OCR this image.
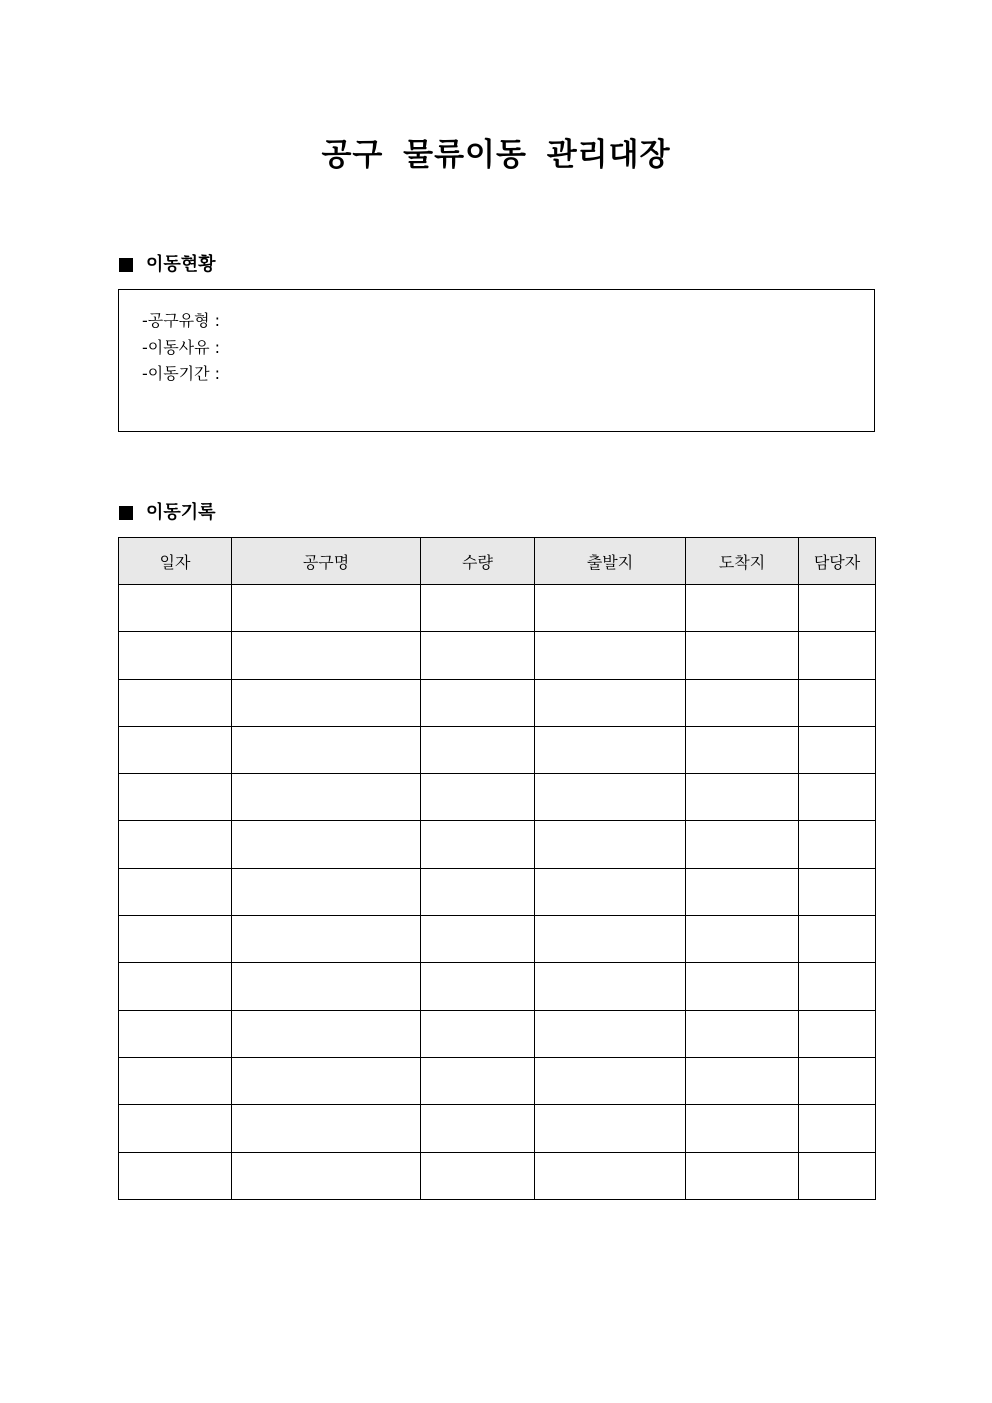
공구 물류이동 관리대장
이동현황
-공구유형 :
-이동사유 :
-이동기간 :
이동기록
일자	공구명	수량	출발지	도착지	담당자
